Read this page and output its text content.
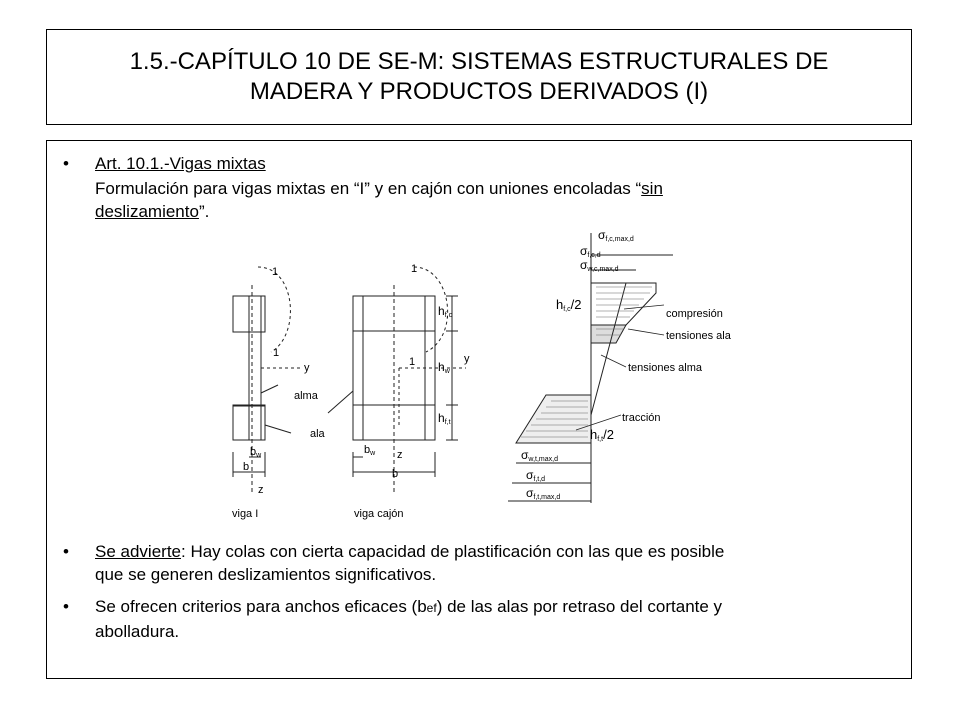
1.5.-CAPÍTULO 10 DE SE-M: SISTEMAS ESTRUCTURALES DE
MADERA Y PRODUCTOS DERIVADOS (I)
• Art. 10.1.-Vigas mixtas
Formulación para vigas mixtas en “I” y en cajón con uniones encoladas “sin
deslizamiento”.
1
1
y
alma
ala
bw
b
z
viga I
1
1	y
hf,c
hw
hf,t
bw z
b
viga cajón
σf,c,max,d
σf,c,d
σw,c,max,d
hf,c/2
compresión
tensiones ala
tensiones alma
tracción
hf,t/2
σw,t,max,d
σf,t,d
σf,t,max,d
• Se advierte: Hay colas con cierta capacidad de plastificación con las que es posible
que se generen deslizamientos significativos.
• Se ofrecen criterios para anchos eficaces (bef) de las alas por retraso del cortante y
abolladura.
